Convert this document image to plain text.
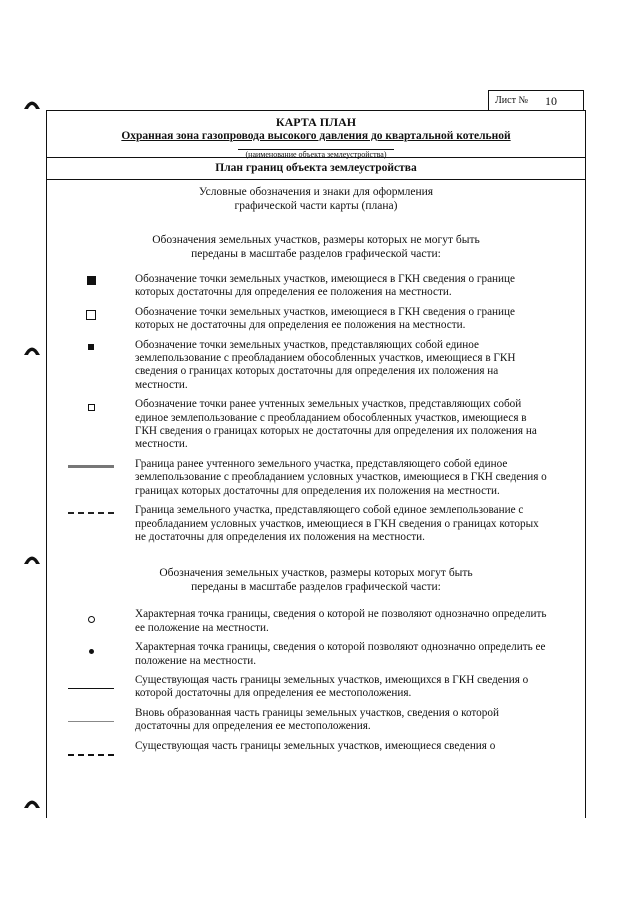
Лист № 10
КАРТА ПЛАН
Охранная зона газопровода высокого давления до квартальной котельной
(наименование объекта землеустройства)
План границ объекта землеустройства
Условные обозначения и знаки для оформления
графической части карты (плана)
Обозначения земельных участков, размеры которых не могут быть
переданы в масштабе разделов графической части:
Обозначение точки земельных участков, имеющиеся в ГКН сведения о границе которых достаточны для определения ее положения на местности.
Обозначение точки земельных участков, имеющиеся в ГКН сведения о границе которых не достаточны для определения ее положения на местности.
Обозначение точки земельных участков, представляющих собой единое землепользование с преобладанием обособленных участков, имеющиеся в ГКН сведения о границах которых достаточны для определения их положения на местности.
Обозначение точки ранее учтенных земельных участков, представляющих собой единое землепользование с преобладанием обособленных участков, имеющиеся в ГКН сведения о границах которых не достаточны для определения их положения на местности.
Граница ранее учтенного земельного участка, представляющего собой единое землепользование с преобладанием условных участков, имеющиеся в ГКН сведения о границах которых достаточны для определения их положения на местности.
Граница земельного участка, представляющего собой единое землепользование с преобладанием условных участков, имеющиеся в ГКН сведения о границах которых не достаточны для определения их положения на местности.
Обозначения земельных участков, размеры которых могут быть
переданы в масштабе разделов графической части:
Характерная точка границы, сведения о которой не позволяют однозначно определить ее положение на местности.
Характерная точка границы, сведения о которой позволяют однозначно определить ее положение на местности.
Существующая часть границы земельных участков, имеющихся в ГКН сведения о которой достаточны для определения ее местоположения.
Вновь образованная часть границы земельных участков, сведения о которой достаточны для определения ее местоположения.
Существующая часть границы земельных участков, имеющиеся сведения о
